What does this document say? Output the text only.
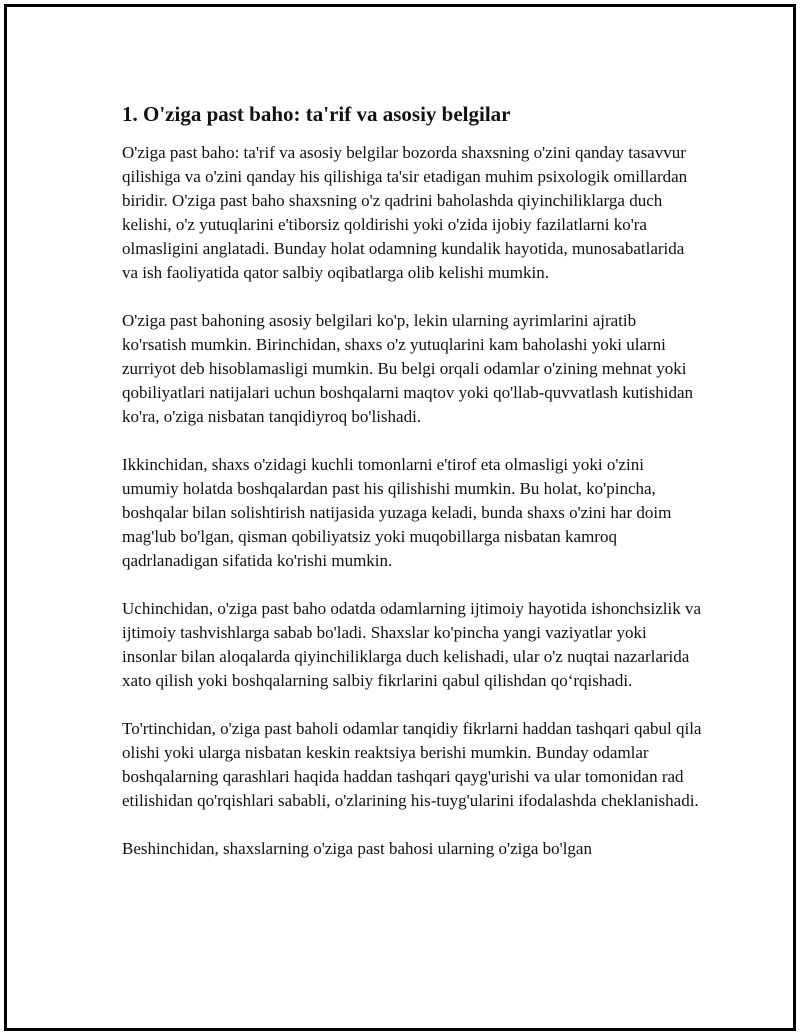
1. O'ziga past baho: ta'rif va asosiy belgilar

O'ziga past baho: ta'rif va asosiy belgilar bozorda shaxsning o'zini qanday tasavvur qilishiga va o'zini qanday his qilishiga ta'sir etadigan muhim psixologik omillardan biridir. O'ziga past baho shaxsning o'z qadrini baholashda qiyinchiliklarga duch kelishi, o'z yutuqlarini e'tiborsiz qoldirishi yoki o'zida ijobiy fazilatlarni ko'ra olmasligini anglatadi. Bunday holat odamning kundalik hayotida, munosabatlarida va ish faoliyatida qator salbiy oqibatlarga olib kelishi mumkin.

O'ziga past bahoning asosiy belgilari ko'p, lekin ularning ayrimlarini ajratib ko'rsatish mumkin. Birinchidan, shaxs o'z yutuqlarini kam baholashi yoki ularni zurriyot deb hisoblamasligi mumkin. Bu belgi orqali odamlar o'zining mehnat yoki qobiliyatlari natijalari uchun boshqalarni maqtov yoki qo'llab-quvvatlash kutishidan ko'ra, o'ziga nisbatan tanqidiyroq bo'lishadi.

Ikkinchidan, shaxs o'zidagi kuchli tomonlarni e'tirof eta olmasligi yoki o'zini umumiy holatda boshqalardan past his qilishishi mumkin. Bu holat, ko'pincha, boshqalar bilan solishtirish natijasida yuzaga keladi, bunda shaxs o'zini har doim mag'lub bo'lgan, qisman qobiliyatsiz yoki muqobillarga nisbatan kamroq qadrlanadigan sifatida ko'rishi mumkin.

Uchinchidan, o'ziga past baho odatda odamlarning ijtimoiy hayotida ishonchsizlik va ijtimoiy tashvishlarga sabab bo'ladi. Shaxslar ko'pincha yangi vaziyatlar yoki insonlar bilan aloqalarda qiyinchiliklarga duch kelishadi, ular o'z nuqtai nazarlarida xato qilish yoki boshqalarning salbiy fikrlarini qabul qilishdan qo‘rqishadi.

To'rtinchidan, o'ziga past baholi odamlar tanqidiy fikrlarni haddan tashqari qabul qila olishi yoki ularga nisbatan keskin reaktsiya berishi mumkin. Bunday odamlar boshqalarning qarashlari haqida haddan tashqari qayg'urishi va ular tomonidan rad etilishidan qo'rqishlari sababli, o'zlarining his-tuyg'ularini ifodalashda cheklanishadi.

Beshinchidan, shaxslarning o'ziga past bahosi ularning o'ziga bo'lgan
